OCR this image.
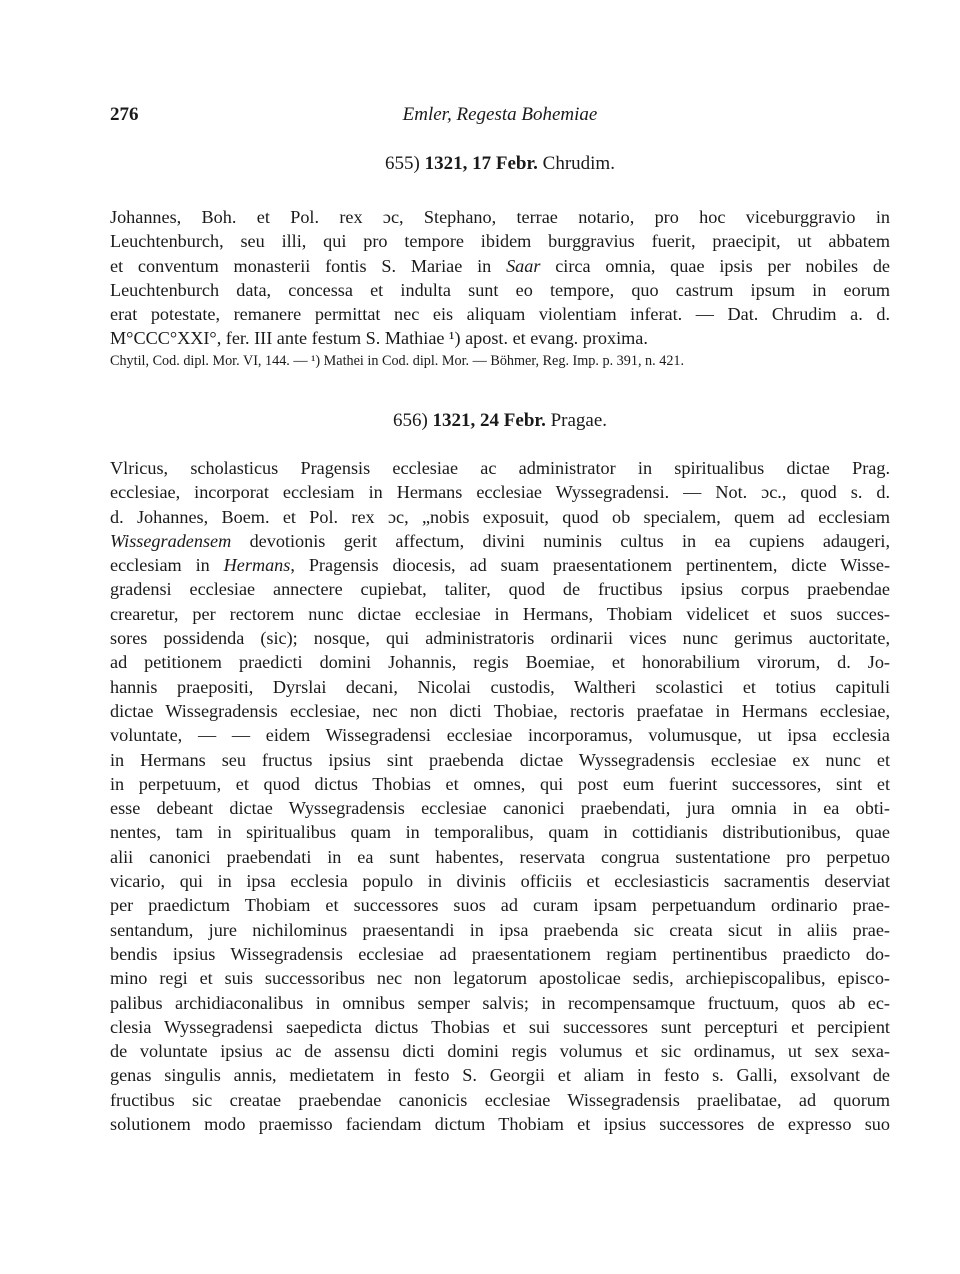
276	Emler, Regesta Bohemiae
655) 1321, 17 Febr. Chrudim.
Johannes, Boh. et Pol. rex ɔc, Stephano, terrae notario, pro hoc viceburggravio in
Leuchtenburch, seu illi, qui pro tempore ibidem burggravius fuerit, praecipit, ut abbatem
et conventum monasterii fontis S. Mariae in Saar circa omnia, quae ipsis per nobiles de
Leuchtenburch data, concessa et indulta sunt eo tempore, quo castrum ipsum in eorum
erat potestate, remanere permittat nec eis aliquam violentiam inferat. — Dat. Chrudim a. d.
M°CCC°XXI°, fer. III ante festum S. Mathiae ¹) apost. et evang. proxima.
Chytil, Cod. dipl. Mor. VI, 144. — ¹) Mathei in Cod. dipl. Mor. — Böhmer, Reg. Imp. p. 391, n. 421.
656) 1321, 24 Febr. Pragae.
Vlricus, scholasticus Pragensis ecclesiae ac administrator in spiritualibus dictae Prag.
ecclesiae, incorporat ecclesiam in Hermans ecclesiae Wyssegradensi. — Not. ɔc., quod s. d.
d. Johannes, Boem. et Pol. rex ɔc, „nobis exposuit, quod ob specialem, quem ad ecclesiam
Wissegradensem devotionis gerit affectum, divini numinis cultus in ea cupiens adaugeri,
ecclesiam in Hermans, Pragensis diocesis, ad suam praesentationem pertinentem, dicte Wisse-
gradensi ecclesiae annectere cupiebat, taliter, quod de fructibus ipsius corpus praebendae
crearetur, per rectorem nunc dictae ecclesiae in Hermans, Thobiam videlicet et suos succes-
sores possidenda (sic); nosque, qui administratoris ordinarii vices nunc gerimus auctoritate,
ad petitionem praedicti domini Johannis, regis Boemiae, et honorabilium virorum, d. Jo-
hannis praepositi, Dyrslai decani, Nicolai custodis, Waltheri scolastici et totius capituli
dictae Wissegradensis ecclesiae, nec non dicti Thobiae, rectoris praefatae in Hermans ecclesiae,
voluntate, — — eidem Wissegradensi ecclesiae incorporamus, volumusque, ut ipsa ecclesia
in Hermans seu fructus ipsius sint praebenda dictae Wyssegradensis ecclesiae ex nunc et
in perpetuum, et quod dictus Thobias et omnes, qui post eum fuerint successores, sint et
esse debeant dictae Wyssegradensis ecclesiae canonici praebendati, jura omnia in ea obti-
nentes, tam in spiritualibus quam in temporalibus, quam in cottidianis distributionibus, quae
alii canonici praebendati in ea sunt habentes, reservata congrua sustentatione pro perpetuo
vicario, qui in ipsa ecclesia populo in divinis officiis et ecclesiasticis sacramentis deserviat
per praedictum Thobiam et successores suos ad curam ipsam perpetuandum ordinario prae-
sentandum, jure nichilominus praesentandi in ipsa praebenda sic creata sicut in aliis prae-
bendis ipsius Wissegradensis ecclesiae ad praesentationem regiam pertinentibus praedicto do-
mino regi et suis successoribus nec non legatorum apostolicae sedis, archiepiscopalibus, episco-
palibus archidiaconalibus in omnibus semper salvis; in recompensamque fructuum, quos ab ec-
clesia Wyssegradensi saepedicta dictus Thobias et sui successores sunt percepturi et percipient
de voluntate ipsius ac de assensu dicti domini regis volumus et sic ordinamus, ut sex sexa-
genas singulis annis, medietatem in festo S. Georgii et aliam in festo s. Galli, exsolvant de
fructibus sic creatae praebendae canonicis ecclesiae Wissegradensis praelibatae, ad quorum
solutionem modo praemisso faciendam dictum Thobiam et ipsius successores de expresso suo
